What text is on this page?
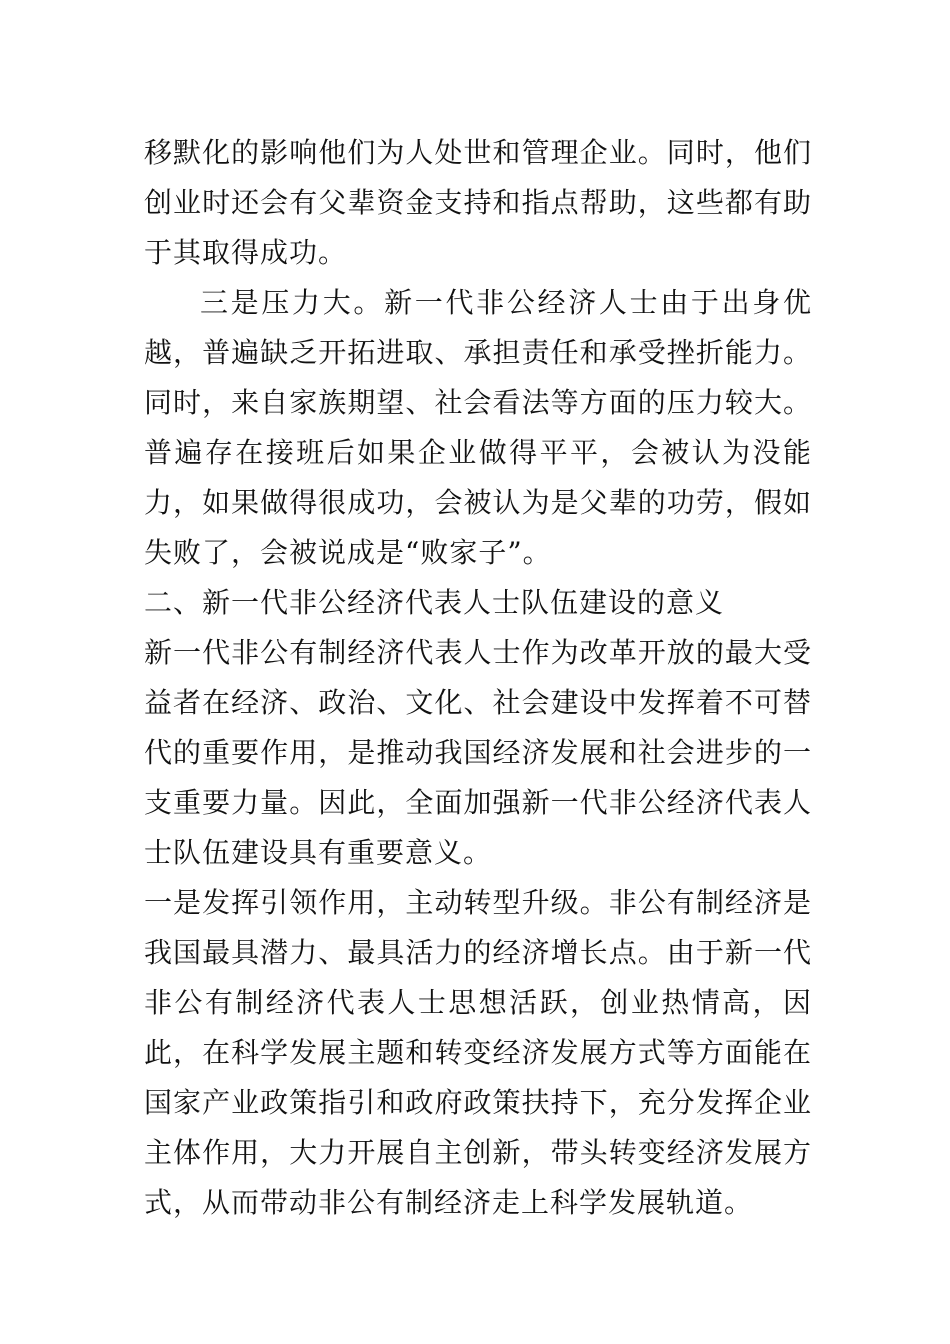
移默化的影响他们为人处世和管理企业。同时，他们创业时还会有父辈资金支持和指点帮助，这些都有助于其取得成功。

三是压力大。新一代非公经济人士由于出身优越，普遍缺乏开拓进取、承担责任和承受挫折能力。同时，来自家族期望、社会看法等方面的压力较大。普遍存在接班后如果企业做得平平，会被认为没能力，如果做得很成功，会被认为是父辈的功劳，假如失败了，会被说成是“败家子”。

二、新一代非公经济代表人士队伍建设的意义

新一代非公有制经济代表人士作为改革开放的最大受益者在经济、政治、文化、社会建设中发挥着不可替代的重要作用，是推动我国经济发展和社会进步的一支重要力量。因此，全面加强新一代非公经济代表人士队伍建设具有重要意义。

一是发挥引领作用，主动转型升级。非公有制经济是我国最具潜力、最具活力的经济增长点。由于新一代非公有制经济代表人士思想活跃，创业热情高，因此，在科学发展主题和转变经济发展方式等方面能在国家产业政策指引和政府政策扶持下，充分发挥企业主体作用，大力开展自主创新，带头转变经济发展方式，从而带动非公有制经济走上科学发展轨道。
